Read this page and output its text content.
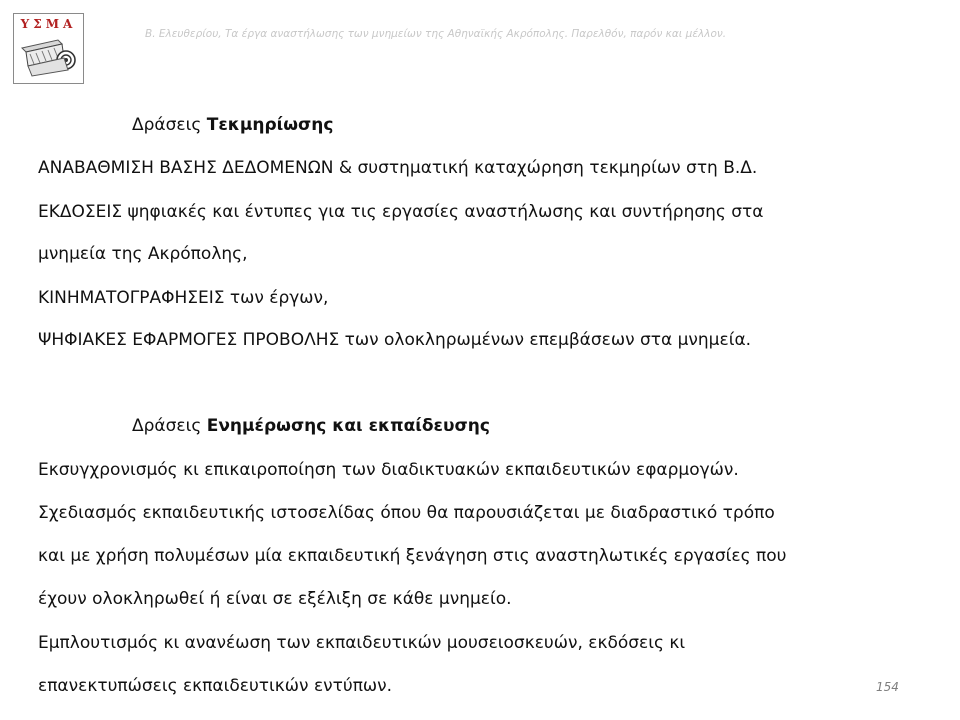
ΥΣΜΑ
Β. Ελευθερίου, Τα έργα αναστήλωσης των μνημείων της Αθηναϊκής Ακρόπολης. Παρελθόν, παρόν και μέλλον.
Δράσεις Τεκμηρίωσης
ΑΝΑΒΑΘΜΙΣΗ ΒΑΣΗΣ ΔΕΔΟΜΕΝΩΝ & συστηματική καταχώρηση τεκμηρίων στη Β.Δ.
ΕΚΔΟΣΕΙΣ ψηφιακές και έντυπες για τις εργασίες αναστήλωσης και συντήρησης στα
μνημεία της Ακρόπολης,
ΚΙΝΗΜΑΤΟΓΡΑΦΗΣΕΙΣ των έργων,
ΨΗΦΙΑΚΕΣ ΕΦΑΡΜΟΓΕΣ ΠΡΟΒΟΛΗΣ των ολοκληρωμένων επεμβάσεων στα μνημεία.
Δράσεις Ενημέρωσης και εκπαίδευσης
Εκσυγχρονισμός κι επικαιροποίηση των διαδικτυακών εκπαιδευτικών εφαρμογών.
Σχεδιασμός εκπαιδευτικής ιστοσελίδας όπου θα παρουσιάζεται με διαδραστικό τρόπο
και με χρήση πολυμέσων μία εκπαιδευτική ξενάγηση στις αναστηλωτικές εργασίες που
έχουν ολοκληρωθεί ή είναι σε εξέλιξη σε κάθε μνημείο.
Εμπλουτισμός κι ανανέωση των εκπαιδευτικών μουσειοσκευών, εκδόσεις κι
επανεκτυπώσεις εκπαιδευτικών εντύπων.	154
